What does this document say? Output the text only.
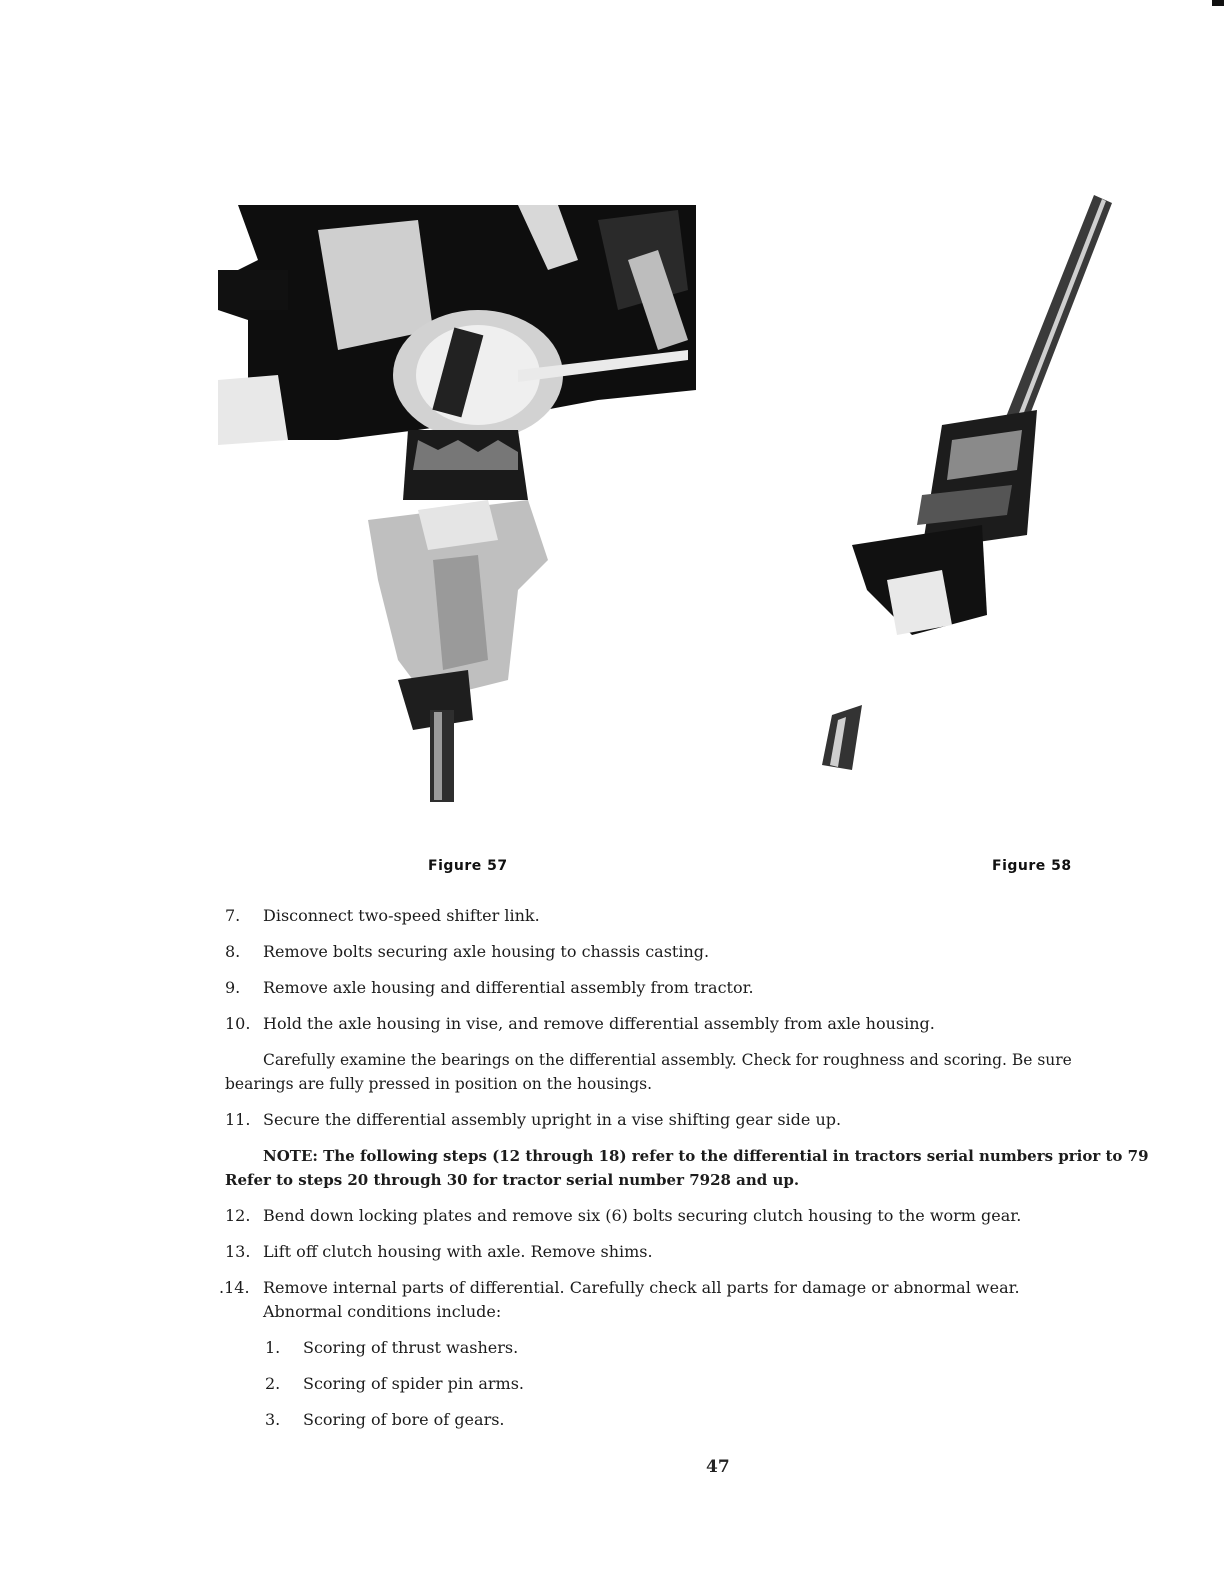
Figure 57	Figure 58
7. Disconnect two-speed shifter link.
8. Remove bolts securing axle housing to chassis casting.
9. Remove axle housing and differential assembly from tractor.
10. Hold the axle housing in vise, and remove differential assembly from axle housing.
Carefully examine the bearings on the differential assembly. Check for roughness and scoring. Be sure
bearings are fully pressed in position on the housings.
11. Secure the differential assembly upright in a vise shifting gear side up.
NOTE: The following steps (12 through 18) refer to the differential in tractors serial numbers prior to 79
Refer to steps 20 through 30 for tractor serial number 7928 and up.
12. Bend down locking plates and remove six (6) bolts securing clutch housing to the worm gear.
13. Lift off clutch housing with axle. Remove shims.
.14. Remove internal parts of differential. Carefully check all parts for damage or abnormal wear.
Abnormal conditions include:
1. Scoring of thrust washers.
2. Scoring of spider pin arms.
3. Scoring of bore of gears.
47
